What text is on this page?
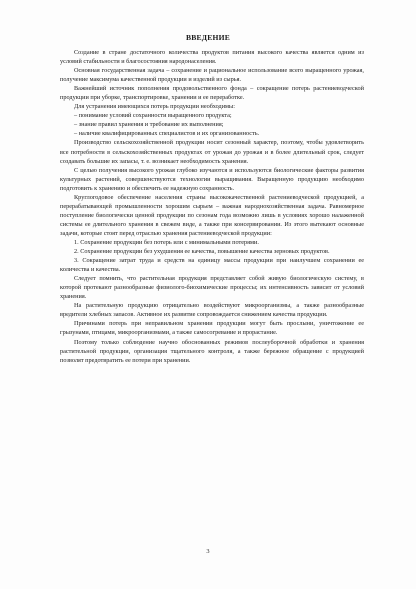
ВВЕДЕНИЕ

Создание в стране достаточного количества продуктов питания высокого качества является одним из условий стабильности и благосостояния народонаселения.

Основная государственная задача – сохранение и рациональное использование всего выращенного урожая, получение максимума качественной продукции и изделий из сырья.

Важнейший источник пополнения продовольственного фонда – сокращение потерь растениеводческой продукции при уборке, транспортировке, хранении и ее переработке.

Для устранения имеющихся потерь продукции необходимы:

– понимание условий сохранности выращенного продукта;

– знание правил хранения и требование их выполнения;

– наличие квалифицированных специалистов и их организованность.

Производство сельскохозяйственной продукции носит сезонный характер, поэтому, чтобы удовлетворить все потребности в сельскохозяйственных продуктах от урожая до урожая и в более длительный срок, следует создавать большие их запасы, т. е. возникает необходимость хранения.

С целью получения высокого урожая глубоко изучаются и используются биологические факторы развития культурных растений, совершенствуются технологии выращивания. Выращенную продукцию необходимо подготовить к хранению и обеспечить ее надежную сохранность.

Круглогодовое обеспечение населения страны высококачественной растениеводческой продукцией, а перерабатывающей промышленности хорошим сырьем – важная народнохозяйственная задача. Равномерное поступление биологически ценной продукции по сезонам года возможно лишь в условиях хорошо налаженной системы ее длительного хранения в свежем виде, а также при консервировании. Из этого вытекают основные задачи, которые стоят перед отраслью хранения растениеводческой продукции:

1. Сохранение продукции без потерь или с минимальными потерями.

2. Сохранение продукции без ухудшения ее качества, повышение качества зерновых продуктов.

3. Сокращение затрат труда и средств на единицу массы продукции при наилучшем сохранении ее количества и качества.

Следует помнить, что растительная продукция представляет собой живую биологическую систему, в которой протекают разнообразные физиолого-биохимические процессы; их интенсивность зависит от условий хранения.

На растительную продукцию отрицательно воздействуют микроорганизмы, а также разнообразные вредители хлебных запасов. Активное их развитие сопровождается снижением качества продукции.

Причинами потерь при неправильном хранении продукции могут быть прослыни, уничтожение ее грызунами, птицами, микроорганизмами, а также самосогревание и прорастание.

Поэтому только соблюдение научно обоснованных режимов послеуборочной обработки и хранения растительной продукции, организация тщательного контроля, а также бережное обращение с продукцией позволят предотвратить ее потери при хранении.

3
